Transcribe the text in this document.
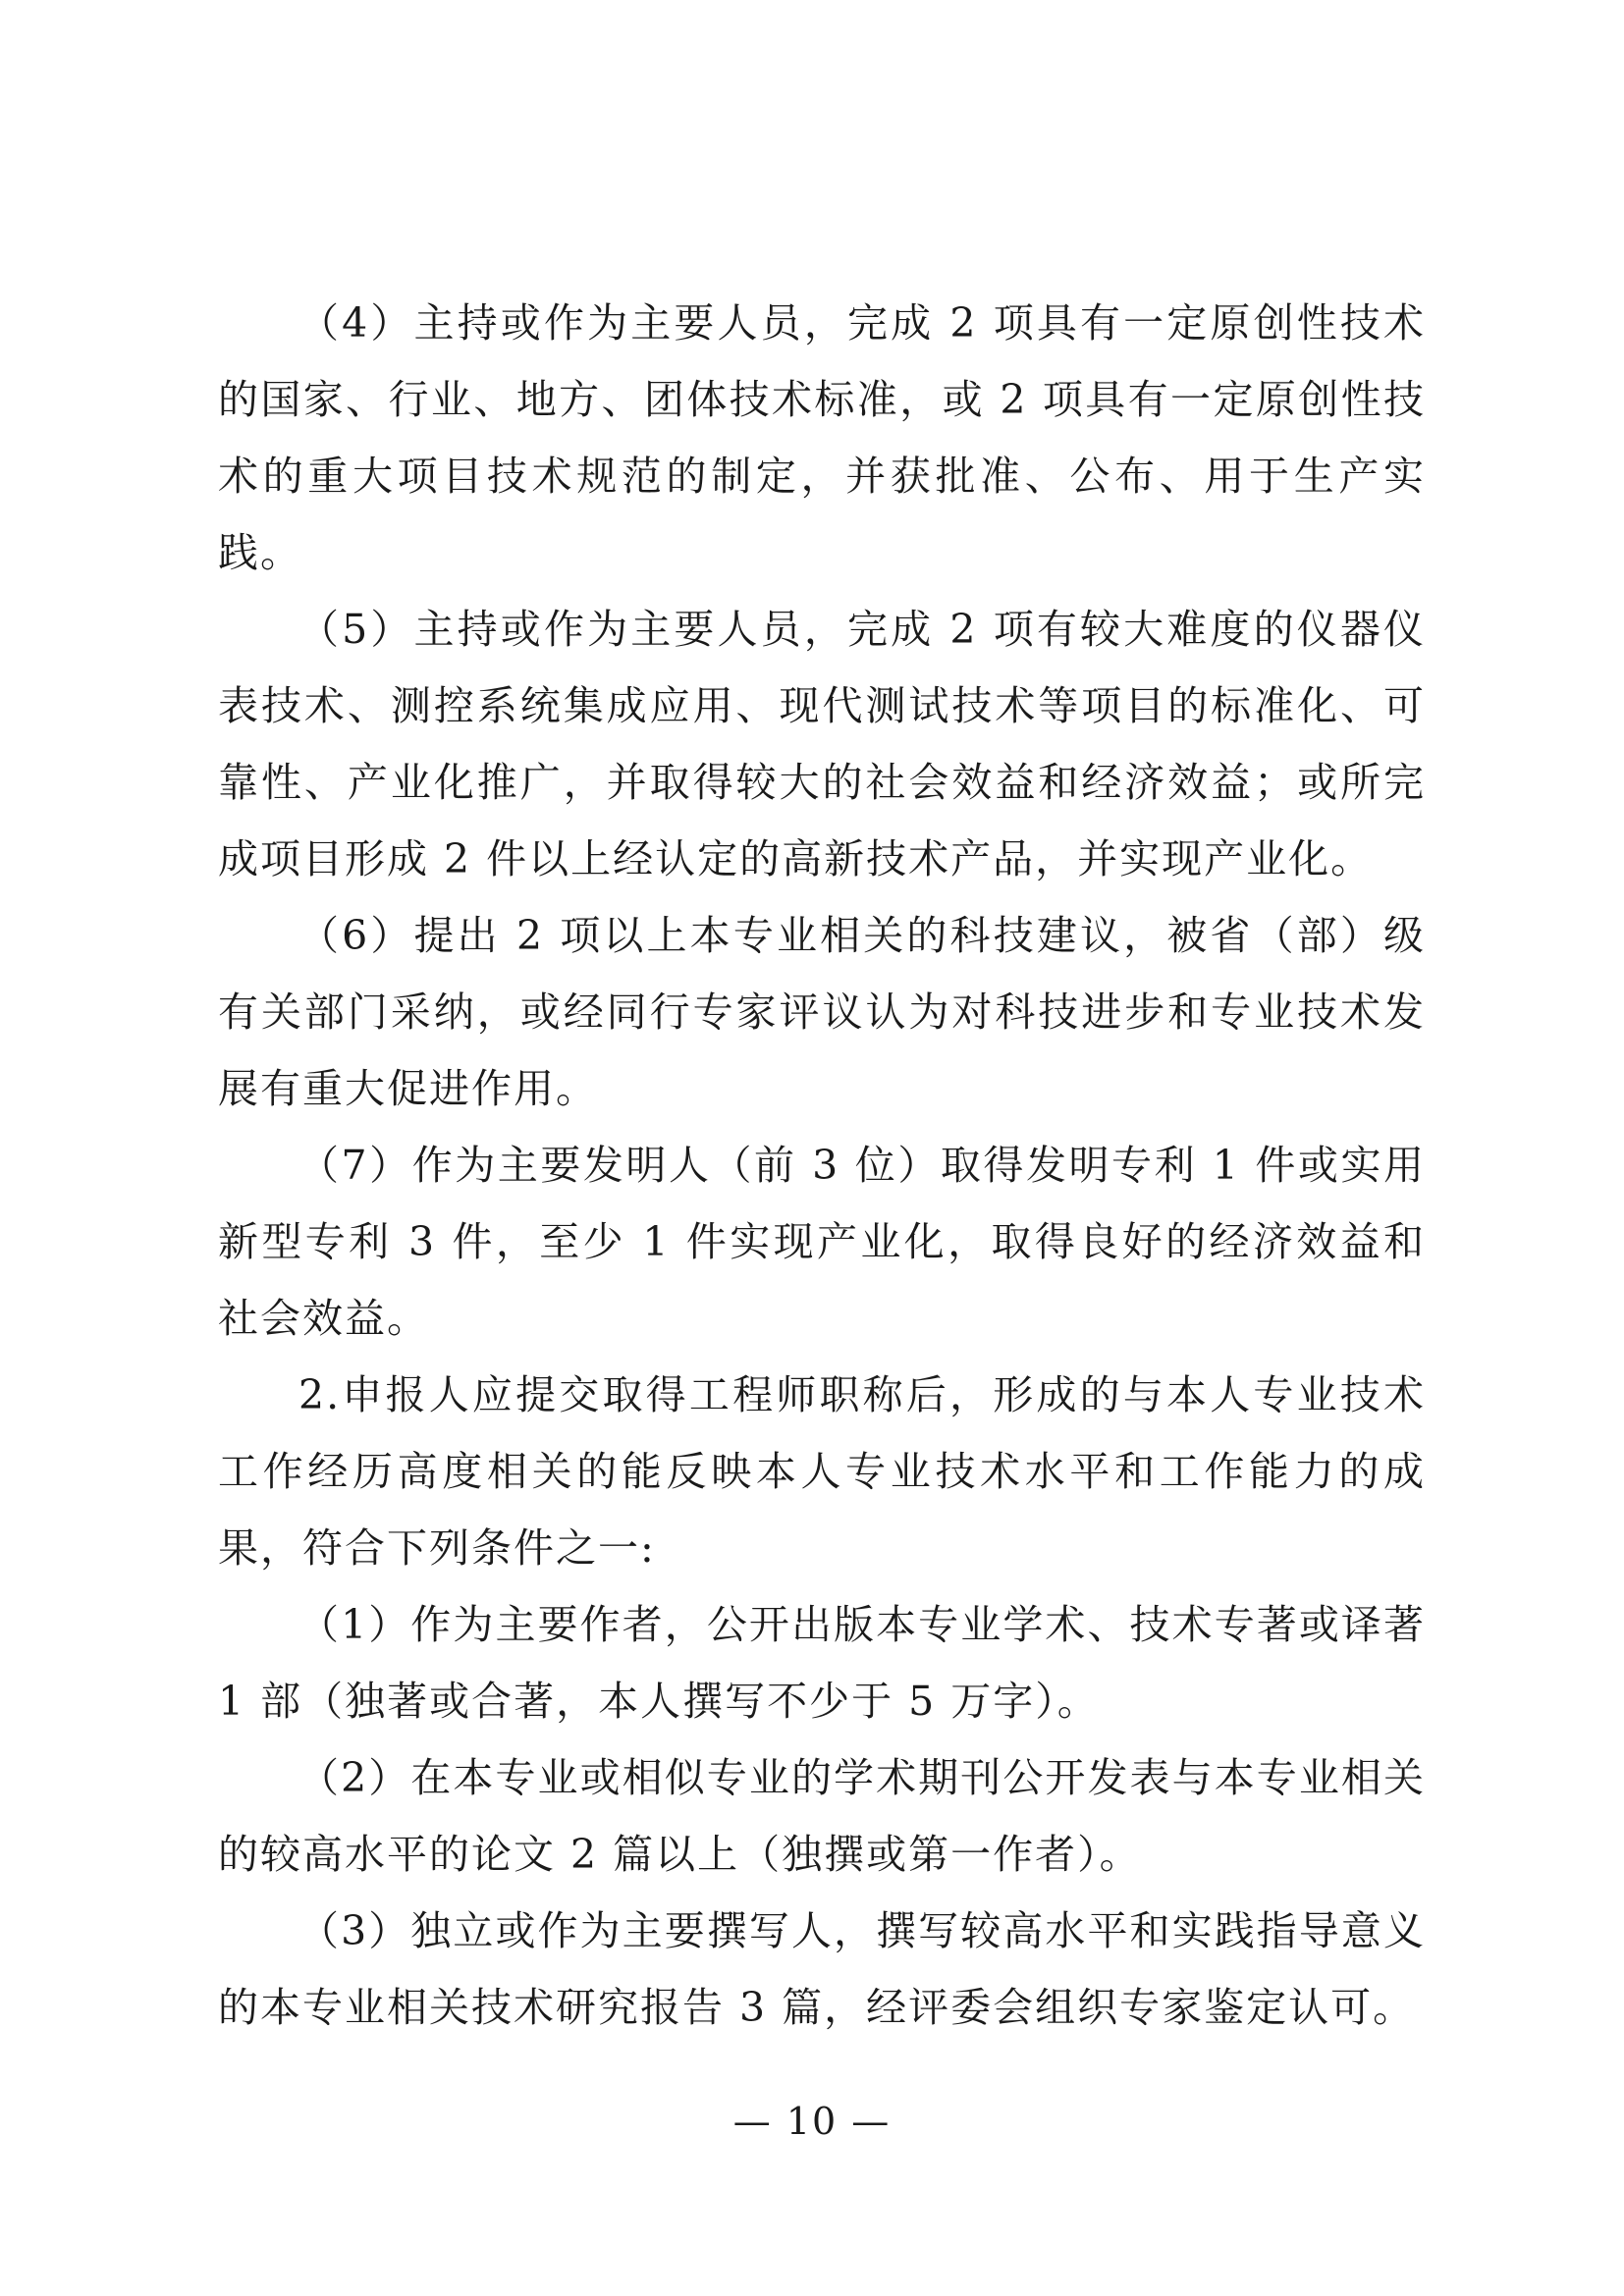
（4）主持或作为主要人员，完成 2 项具有一定原创性技术的国家、行业、地方、团体技术标准，或 2 项具有一定原创性技术的重大项目技术规范的制定，并获批准、公布、用于生产实践。

（5）主持或作为主要人员，完成 2 项有较大难度的仪器仪表技术、测控系统集成应用、现代测试技术等项目的标准化、可靠性、产业化推广，并取得较大的社会效益和经济效益；或所完成项目形成 2 件以上经认定的高新技术产品，并实现产业化。

（6）提出 2 项以上本专业相关的科技建议，被省（部）级有关部门采纳，或经同行专家评议认为对科技进步和专业技术发展有重大促进作用。

（7）作为主要发明人（前 3 位）取得发明专利 1 件或实用新型专利 3 件，至少 1 件实现产业化，取得良好的经济效益和社会效益。

2.申报人应提交取得工程师职称后，形成的与本人专业技术工作经历高度相关的能反映本人专业技术水平和工作能力的成果，符合下列条件之一:

（1）作为主要作者，公开出版本专业学术、技术专著或译著 1 部（独著或合著，本人撰写不少于 5 万字）。

（2）在本专业或相似专业的学术期刊公开发表与本专业相关的较高水平的论文 2 篇以上（独撰或第一作者）。

（3）独立或作为主要撰写人，撰写较高水平和实践指导意义的本专业相关技术研究报告 3 篇，经评委会组织专家鉴定认可。

— 10 —
